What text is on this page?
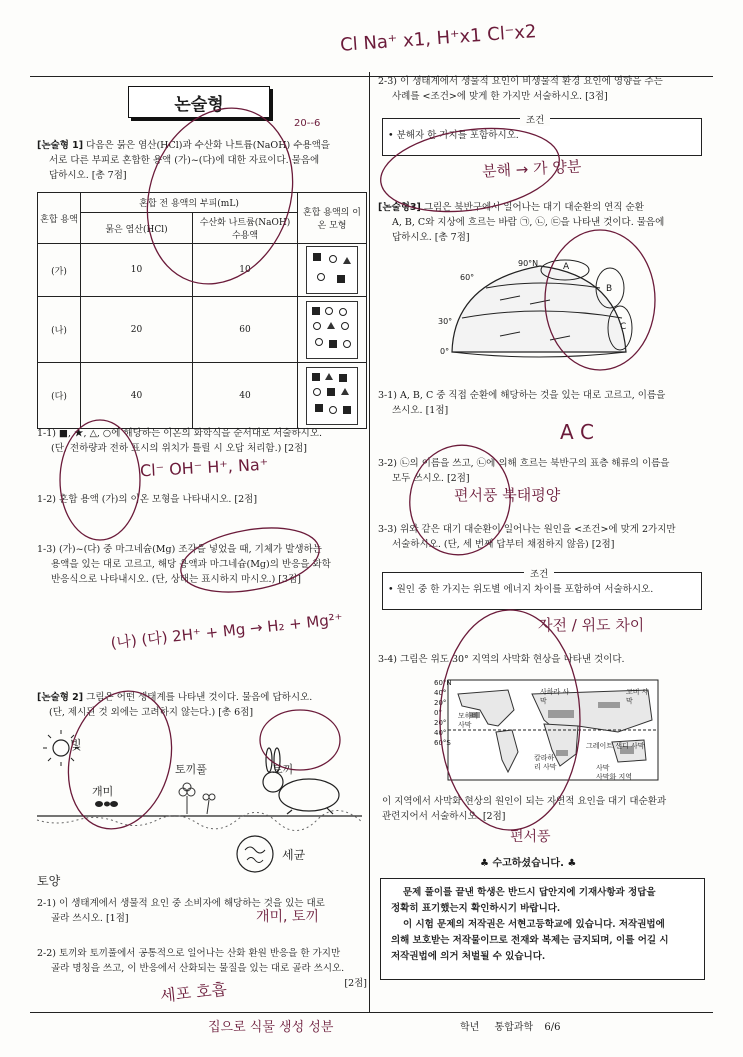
논술형
[논술형 1] 다음은 묽은 염산(HCl)과 수산화 나트륨(NaOH) 수용액을
서로 다른 부피로 혼합한 용액 (가)~(다)에 대한 자료이다. 물음에
답하시오. [총 7점]
혼합 용액	혼합 전 용액의 부피(mL)		혼합 용액의 이온 모형
	묽은 염산(HCl)	수산화 나트륨(NaOH) 수용액	
(가)	10	10	

(나)	20	60	

(다)	40	40	
1-1) ■, ★, △, ○에 해당하는 이온의 화학식을 순서대로 서술하시오.
(단, 전하량과 전하 표시의 위치가 틀릴 시 오답 처리함.) [2점]
1-2) 혼합 용액 (가)의 이온 모형을 나타내시오. [2점]
1-3) (가)~(다) 중 마그네슘(Mg) 조각을 넣었을 때, 기체가 발생하는
용액을 있는 대로 고르고, 해당 용액과 마그네슘(Mg)의 반응을 화학
반응식으로 나타내시오. (단, 상태는 표시하지 마시오.) [3점]
[논술형 2] 그림은 어떤 생태계를 나타낸 것이다. 물음에 답하시오.
(단, 제시된 것 외에는 고려하지 않는다.) [총 6점]
빛
토끼풀	토끼
개미
세균
토양
2-1) 이 생태계에서 생물적 요인 중 소비자에 해당하는 것을 있는 대로
골라 쓰시오. [1점]
2-2) 토끼와 토끼풀에서 공통적으로 일어나는 산화 환원 반응을 한 가지만
골라 명칭을 쓰고, 이 반응에서 산화되는 물질을 있는 대로 골라 쓰시오.

[2점]
2-3) 이 생태계에서 생물적 요인이 비생물적 환경 요인에 영향을 주는
사례를 <조건>에 맞게 한 가지만 서술하시오. [3점]
조건
• 분해자 한 가지를 포함하시오.
[논술형3] 그림은 북반구에서 일어나는 대기 대순환의 연직 순환
A, B, C와 지상에 흐르는 바람 ㉠, ㉡, ㉢을 나타낸 것이다. 물음에
답하시오. [총 7점]
90°N
60°
30°
0°
A
B
C
3-1) A, B, C 중 직접 순환에 해당하는 것을 있는 대로 고르고, 이름을
쓰시오. [1점]
3-2) ㉡의 이름을 쓰고, ㉡에 의해 흐르는 북반구의 표층 해류의 이름을
모두 쓰시오. [2점]
3-3) 위와 같은 대기 대순환이 일어나는 원인을 <조건>에 맞게 2가지만
서술하시오. (단, 세 번째 답부터 채점하지 않음) [2점]
조건
• 원인 중 한 가지는 위도별 에너지 차이를 포함하여 서술하시오.
3-4) 그림은 위도 30° 지역의 사막화 현상을 나타낸 것이다.
60°N
40°
20°
0°
20°
40°
60°S
사하라 사막
고비 사막
모하비 사막
칼라하리 사막
그레이트 샌디 사막
사막
사막화 지역
이 지역에서 사막화 현상의 원인이 되는 자연적 요인을 대기 대순환과
관련지어서 서술하시오. [2점]
♣ 수고하셨습니다. ♣
문제 풀이를 끝낸 학생은 반드시 답안지에 기재사항과 정답을
정확히 표기했는지 확인하시기 바랍니다.
이 시험 문제의 저작권은 서현고등학교에 있습니다. 저작권법에
의해 보호받는 저작물이므로 전재와 복제는 금지되며, 이를 어길 시
저작권법에 의거 처벌될 수 있습니다.
학년 통합과학 6/6
Cl Na⁺ x1, H⁺x1 Cl⁻x2
20--6
Cl⁻ OH⁻ H⁺, Na⁺
(나) (다) 2H⁺ + Mg → H₂ + Mg²⁺
개미, 토끼
세포 호흡
분해 → 가 양분
A C
편서풍 북태평양
자전 / 위도 차이
편서풍
집으로 식물 생성 성분
